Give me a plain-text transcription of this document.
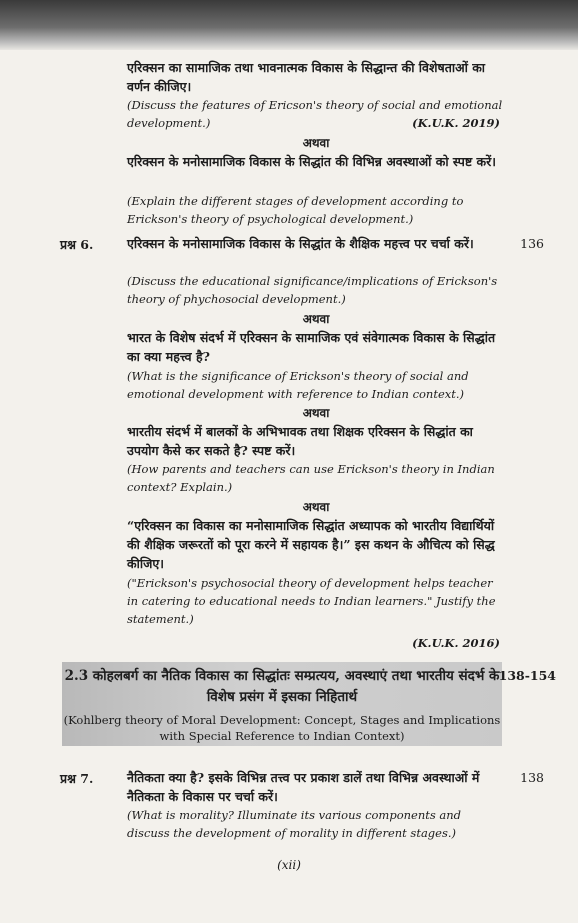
एरिक्सन का सामाजिक तथा भावनात्मक विकास के सिद्धान्त की विशेषताओं का वर्णन कीजिए।

(Discuss the features of Ericson's theory of social and emotional development.)	(K.U.K. 2019)

अथवा

एरिक्सन के मनोसामाजिक विकास के सिद्धांत की विभिन्न अवस्थाओं को स्पष्ट करें।

(Explain the different stages of development according to Erickson's theory of psychological development.)

प्रश्न 6.	136

एरिक्सन के मनोसामाजिक विकास के सिद्धांत के शैक्षिक महत्त्व पर चर्चा करें।

(Discuss the educational significance/implications of Erickson's theory of phychosocial development.)

अथवा

भारत के विशेष संदर्भ में एरिक्सन के सामाजिक एवं संवेगात्मक विकास के सिद्धांत का क्या महत्त्व है?

(What is the significance of Erickson's theory of social and emotional development with reference to Indian context.)

अथवा

भारतीय संदर्भ में बालकों के अभिभावक तथा शिक्षक एरिक्सन के सिद्धांत का उपयोग कैसे कर सकते है? स्पष्ट करें।

(How parents and teachers can use Erickson's theory in Indian context? Explain.)

अथवा

“एरिक्सन का विकास का मनोसामाजिक सिद्धांत अध्यापक को भारतीय विद्यार्थियों की शैक्षिक जरूरतों को पूरा करने में सहायक है।” इस कथन के औचित्य को सिद्ध कीजिए।

("Erickson's psychosocial theory of development helps teacher in catering to educational needs to Indian learners." Justify the statement.)

(K.U.K. 2016)

2.3 कोहलबर्ग का नैतिक विकास का सिद्धांतः सम्प्रत्यय, अवस्थाएं तथा भारतीय संदर्भ के विशेष प्रसंग में इसका निहितार्थ

(Kohlberg theory of Moral Development: Concept, Stages and Implications with Special Reference to Indian Context)

138-154

प्रश्न 7.	138

नैतिकता क्या है? इसके विभिन्न तत्त्व पर प्रकाश डालें तथा विभिन्न अवस्थाओं में नैतिकता के विकास पर चर्चा करें।

(What is morality? Illuminate its various components and discuss the development of morality in different stages.)

(xii)
